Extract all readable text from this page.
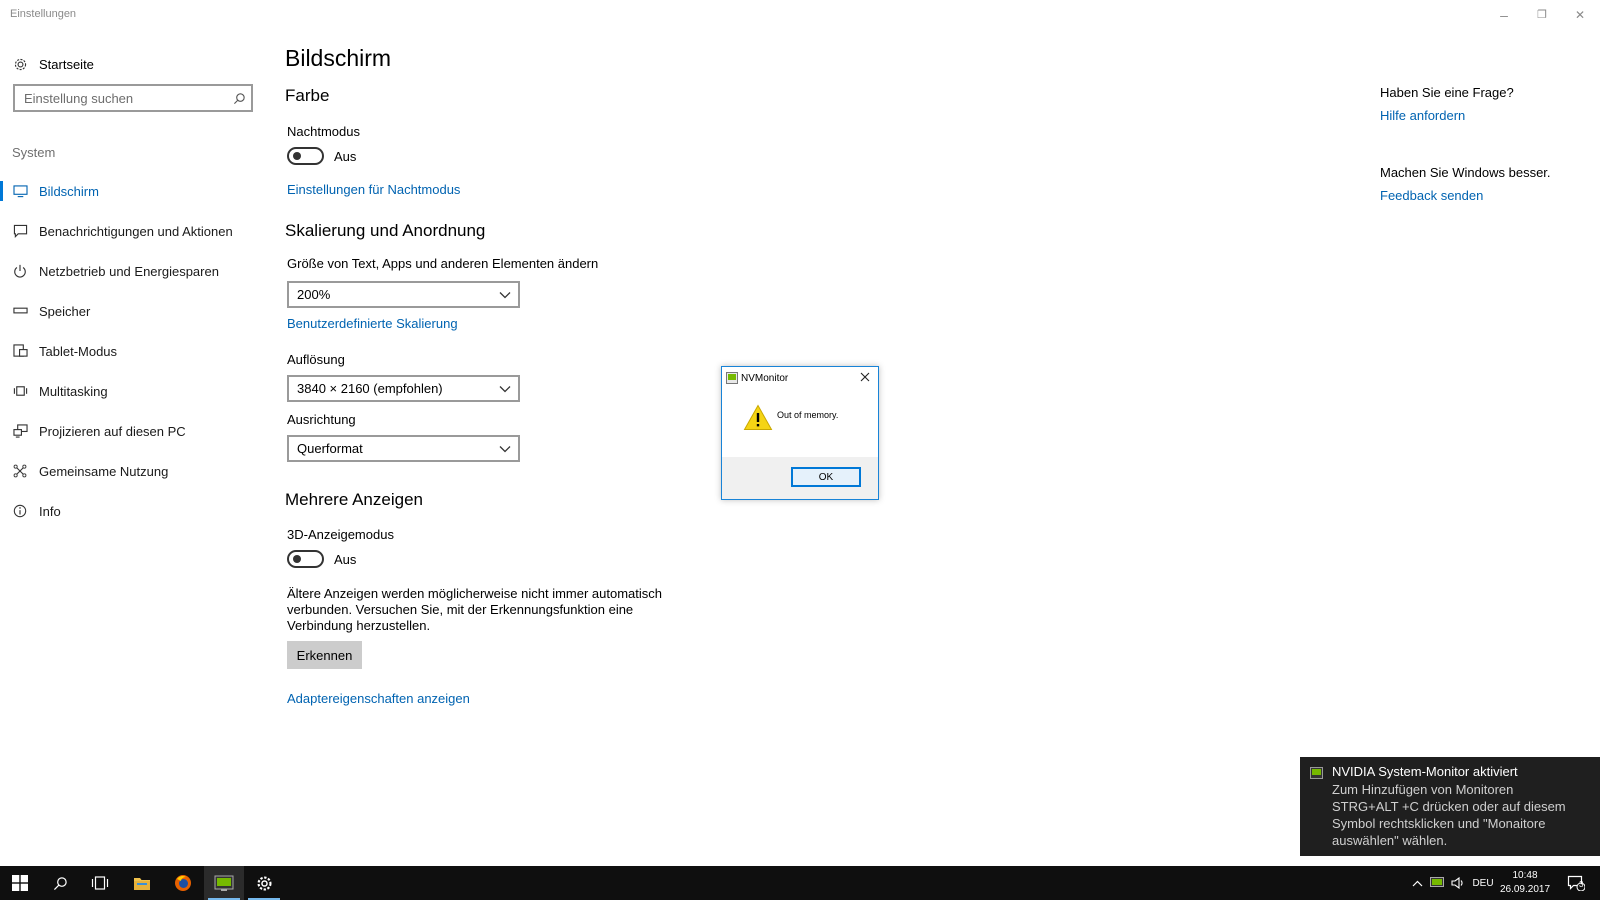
Einstellungen	–	❐	✕
Startseite
Einstellung suchen
System
Bildschirm
Benachrichtigungen und Aktionen
Netzbetrieb und Energiesparen
Speicher
Tablet-Modus
Multitasking
Projizieren auf diesen PC
Gemeinsame Nutzung
Info
Bildschirm
Farbe
Nachtmodus
Aus
Einstellungen für Nachtmodus
Skalierung und Anordnung
Größe von Text, Apps und anderen Elementen ändern
200%
Benutzerdefinierte Skalierung
Auflösung
3840 × 2160 (empfohlen)
Ausrichtung
Querformat
Mehrere Anzeigen
3D-Anzeigemodus
Aus
Ältere Anzeigen werden möglicherweise nicht immer automatisch verbunden. Versuchen Sie, mit der Erkennungsfunktion eine Verbindung herzustellen.
Erkennen
Adaptereigenschaften anzeigen
Haben Sie eine Frage?
Hilfe anfordern
Machen Sie Windows besser.
Feedback senden
NVMonitor
Out of memory.
OK
NVIDIA System-Monitor aktiviert
Zum Hinzufügen von Monitoren STRG+ALT +C drücken oder auf diesem Symbol rechtsklicken und "Monaitore auswählen" wählen.
DEU
10:48
26.09.2017	3
